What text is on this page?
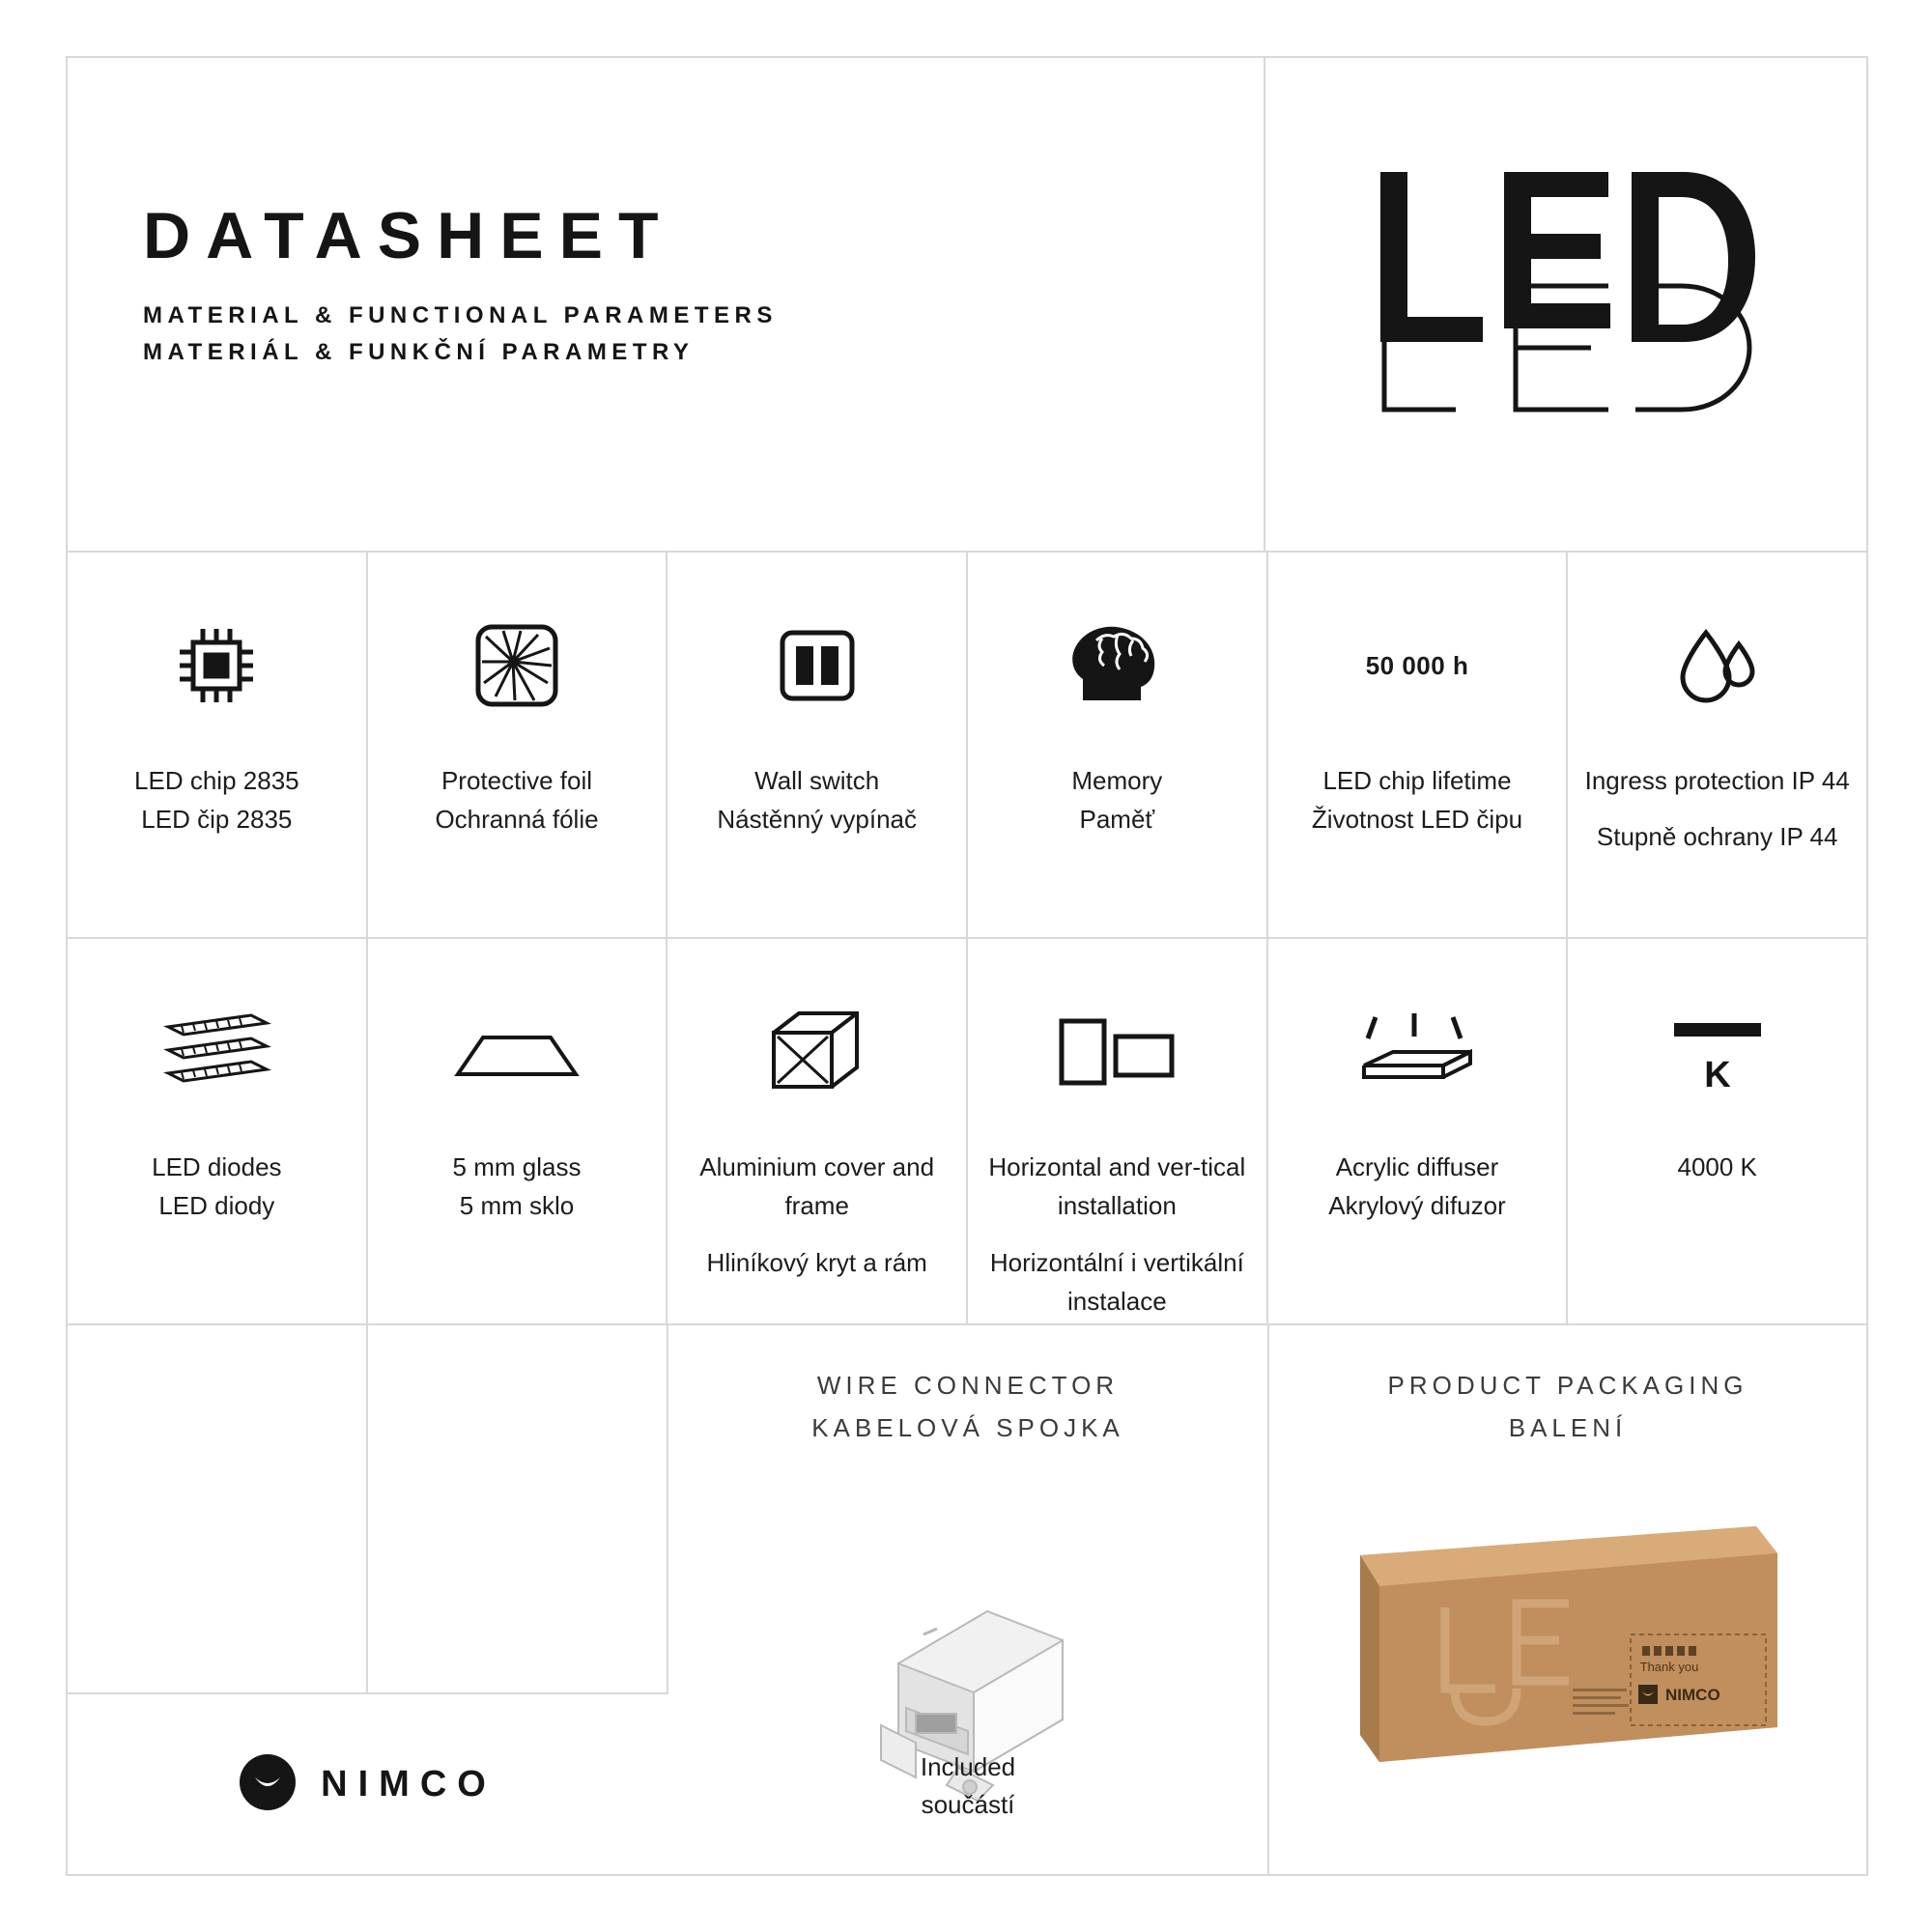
DATASHEET
MATERIAL & FUNCTIONAL PARAMETERS
MATERIÁL & FUNKČNÍ PARAMETRY
LED chip 2835
LED čip 2835
Protective foil
Ochranná fólie
Wall switch
Nástěnný vypínač
Memory
Paměť
50 000 h
LED chip lifetime
Životnost LED čipu
Ingress protection IP 44
Stupně ochrany IP 44
LED diodes
LED diody
5 mm glass
5 mm sklo
Aluminium cover and frame
Hliníkový kryt a rám
Horizontal and ver-tical installation
Horizontální i vertikální instalace
Acrylic diffuser
Akrylový difuzor
K
4000 K
NIMCO
WIRE CONNECTOR
KABELOVÁ SPOJKA
Included
součástí
PRODUCT PACKAGING
BALENÍ
Thank you
NIMCO
